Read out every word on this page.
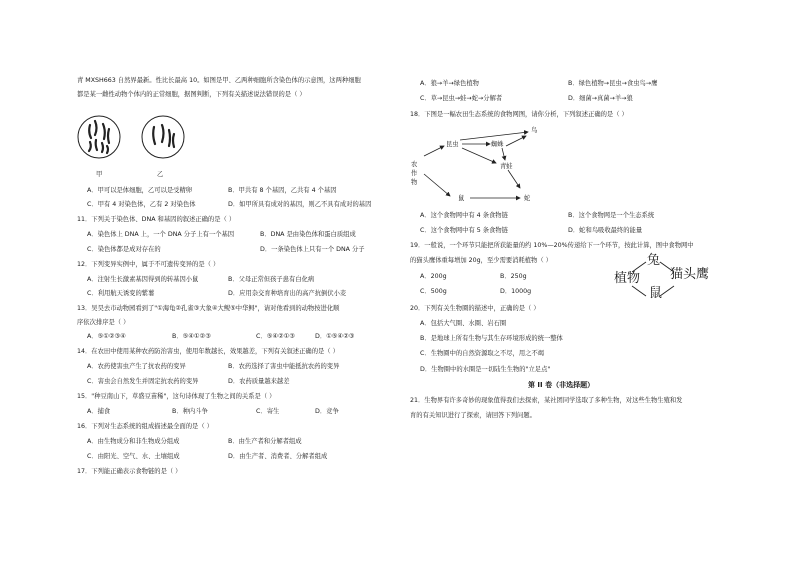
青 MXSH663 自然界最新。性比长最高 10。如图是甲、乙两种细胞所含染色体的示意图，这两种细胞
都是某一雌性动物个体内的正常细胞，据图判断，下列有关描述说法错误的是（ ）
甲	乙
A．甲可以是体细胞，乙可以是受精卵	B．甲共有 8 个基因，乙共有 4 个基因
C．甲有 4 对染色体，乙有 2 对染色体	D．如甲所具有成对的基因，则乙不具有成对的基因
11．下列关于染色体、DNA 和基因的叙述正确的是（ ）
A．染色体上 DNA 上，一个 DNA 分子上有一个基因	B．DNA 是由染色体和蛋白质组成
C．染色体都是成对存在的	D．一条染色体上只有一个 DNA 分子
12．下列变异实例中，属于不可遗传变异的是（ ）
A．注射生长激素基因得到的转基因小鼠	B．父母正常但孩子患有白化病
C．利用航天诱变的紫薯	D．应用杂交育种培育出的高产抗倒伏小麦
13．吴昊去市动物园看到了"①海龟②孔雀③大象④大鲵⑤中华鲟"，请对他看到的动物按进化顺
序依次排序是（ ）
A．⑤①②③④	B．⑤④①②③	C．⑤④②①③	D．①⑤④②③
14．在农田中使用某种农药防治害虫，使用年数越长，效果越差，下列有关叙述正确的是（ ）
A．农药使害虫产生了抗农药的变异	B．农药选择了害虫中能抵抗农药的变异
C．害虫会自然发生并固定抗农药的变异	D．农药质量越来越差
15．"种豆南山下，草盛豆苗稀"，这句诗体现了生物之间的关系是（ ）
A．捕食	B．种内斗争	C．寄生	D．竞争
16．下列对生态系统的组成描述最全面的是（ ）
A．由生物成分和非生物成分组成	B．由生产者和分解者组成
C．由阳光、空气、水、土壤组成	D．由生产者、消费者、分解者组成
17．下列能正确表示食物链的是（ ）
A．狼→羊→绿色植物	B．绿色植物→昆虫→食虫鸟→鹰
C．草→昆虫→蛙→蛇→分解者	D．细菌→真菌→羊→狼
18．下图是一幅农田生态系统的食物网图，请你分析，下列叙述正确的是（ ）
昆虫	蜘蛛
鸟
青蛙
鼠	蛇
农作物
A．这个食物网中有 4 条食物链	B．这个食物网是一个生态系统
C．这个食物网中有 5 条食物链	D．蛇和鸟吸收最终的能量
19．一般说，一个环节只能把所获能量的约 10%—20%传递给下一个环节，按此计算，图中食物网中
的猫头鹰体重每增加 20g，至少需要消耗植物（ ）
A．200g	B．250g
C．500g	D．1000g
兔
植物 猫头鹰
鼠
20．下列有关生物圈的描述中，正确的是（ ）
A．包括大气圈、水圈、岩石圈
B．是地球上所有生物与其生存环境形成的统一整体
C．生物圈中的自然资源取之不尽，用之不竭
D．生物圈中的水圈是一切陆生生物的"立足点"
第 II 卷（非选择题）
21．生物界有许多奇妙的现象值得我们去探索，某社团同学选取了多种生物，对这些生物生殖和发
育的有关知识进行了探索，请回答下列问题。
